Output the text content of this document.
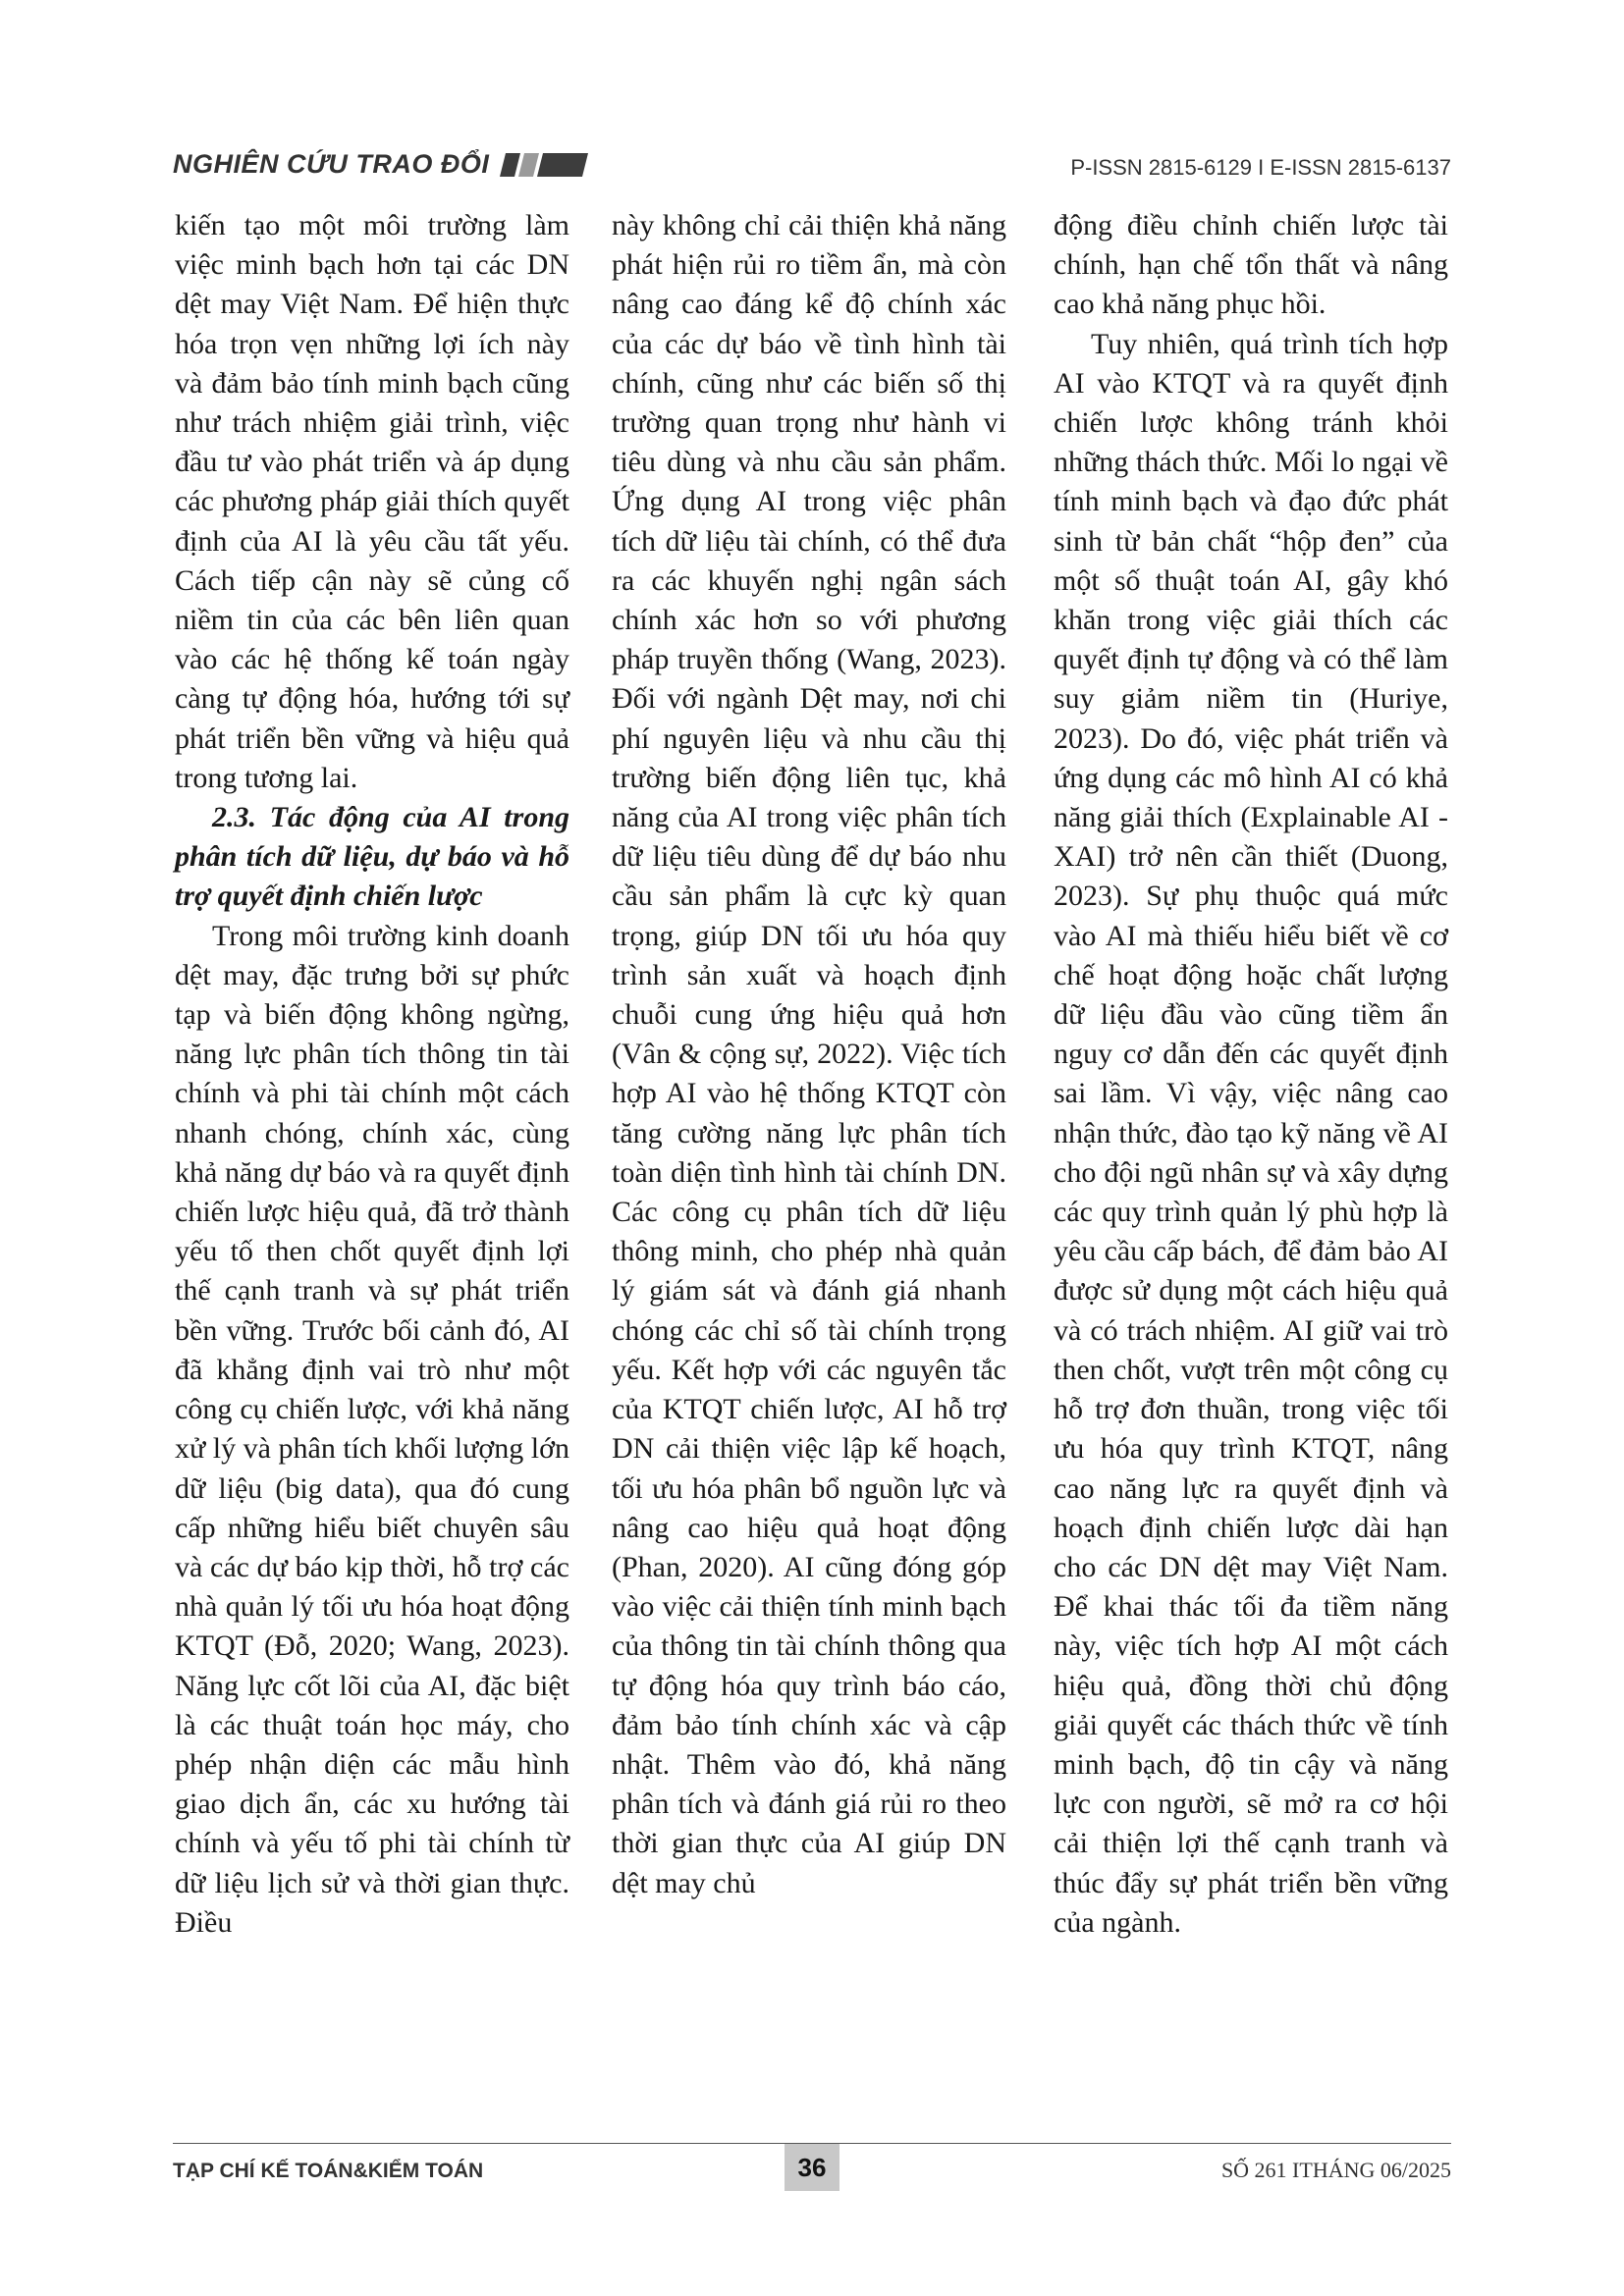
NGHIÊN CỨU TRAO ĐỔI	P-ISSN 2815-6129 I E-ISSN 2815-6137

kiến tạo một môi trường làm việc minh bạch hơn tại các DN dệt may Việt Nam. Để hiện thực hóa trọn vẹn những lợi ích này và đảm bảo tính minh bạch cũng như trách nhiệm giải trình, việc đầu tư vào phát triển và áp dụng các phương pháp giải thích quyết định của AI là yêu cầu tất yếu. Cách tiếp cận này sẽ củng cố niềm tin của các bên liên quan vào các hệ thống kế toán ngày càng tự động hóa, hướng tới sự phát triển bền vững và hiệu quả trong tương lai.

2.3. Tác động của AI trong phân tích dữ liệu, dự báo và hỗ trợ quyết định chiến lược

Trong môi trường kinh doanh dệt may, đặc trưng bởi sự phức tạp và biến động không ngừng, năng lực phân tích thông tin tài chính và phi tài chính một cách nhanh chóng, chính xác, cùng khả năng dự báo và ra quyết định chiến lược hiệu quả, đã trở thành yếu tố then chốt quyết định lợi thế cạnh tranh và sự phát triển bền vững. Trước bối cảnh đó, AI đã khẳng định vai trò như một công cụ chiến lược, với khả năng xử lý và phân tích khối lượng lớn dữ liệu (big data), qua đó cung cấp những hiểu biết chuyên sâu và các dự báo kịp thời, hỗ trợ các nhà quản lý tối ưu hóa hoạt động KTQT (Đỗ, 2020; Wang, 2023). Năng lực cốt lõi của AI, đặc biệt là các thuật toán học máy, cho phép nhận diện các mẫu hình giao dịch ẩn, các xu hướng tài chính và yếu tố phi tài chính từ dữ liệu lịch sử và thời gian thực. Điều

này không chỉ cải thiện khả năng phát hiện rủi ro tiềm ẩn, mà còn nâng cao đáng kể độ chính xác của các dự báo về tình hình tài chính, cũng như các biến số thị trường quan trọng như hành vi tiêu dùng và nhu cầu sản phẩm. Ứng dụng AI trong việc phân tích dữ liệu tài chính, có thể đưa ra các khuyến nghị ngân sách chính xác hơn so với phương pháp truyền thống (Wang, 2023). Đối với ngành Dệt may, nơi chi phí nguyên liệu và nhu cầu thị trường biến động liên tục, khả năng của AI trong việc phân tích dữ liệu tiêu dùng để dự báo nhu cầu sản phẩm là cực kỳ quan trọng, giúp DN tối ưu hóa quy trình sản xuất và hoạch định chuỗi cung ứng hiệu quả hơn (Vân & cộng sự, 2022). Việc tích hợp AI vào hệ thống KTQT còn tăng cường năng lực phân tích toàn diện tình hình tài chính DN. Các công cụ phân tích dữ liệu thông minh, cho phép nhà quản lý giám sát và đánh giá nhanh chóng các chỉ số tài chính trọng yếu. Kết hợp với các nguyên tắc của KTQT chiến lược, AI hỗ trợ DN cải thiện việc lập kế hoạch, tối ưu hóa phân bổ nguồn lực và nâng cao hiệu quả hoạt động (Phan, 2020). AI cũng đóng góp vào việc cải thiện tính minh bạch của thông tin tài chính thông qua tự động hóa quy trình báo cáo, đảm bảo tính chính xác và cập nhật. Thêm vào đó, khả năng phân tích và đánh giá rủi ro theo thời gian thực của AI giúp DN dệt may chủ

động điều chỉnh chiến lược tài chính, hạn chế tổn thất và nâng cao khả năng phục hồi.

Tuy nhiên, quá trình tích hợp AI vào KTQT và ra quyết định chiến lược không tránh khỏi những thách thức. Mối lo ngại về tính minh bạch và đạo đức phát sinh từ bản chất “hộp đen” của một số thuật toán AI, gây khó khăn trong việc giải thích các quyết định tự động và có thể làm suy giảm niềm tin (Huriye, 2023). Do đó, việc phát triển và ứng dụng các mô hình AI có khả năng giải thích (Explainable AI - XAI) trở nên cần thiết (Duong, 2023). Sự phụ thuộc quá mức vào AI mà thiếu hiểu biết về cơ chế hoạt động hoặc chất lượng dữ liệu đầu vào cũng tiềm ẩn nguy cơ dẫn đến các quyết định sai lầm. Vì vậy, việc nâng cao nhận thức, đào tạo kỹ năng về AI cho đội ngũ nhân sự và xây dựng các quy trình quản lý phù hợp là yêu cầu cấp bách, để đảm bảo AI được sử dụng một cách hiệu quả và có trách nhiệm. AI giữ vai trò then chốt, vượt trên một công cụ hỗ trợ đơn thuần, trong việc tối ưu hóa quy trình KTQT, nâng cao năng lực ra quyết định và hoạch định chiến lược dài hạn cho các DN dệt may Việt Nam. Để khai thác tối đa tiềm năng này, việc tích hợp AI một cách hiệu quả, đồng thời chủ động giải quyết các thách thức về tính minh bạch, độ tin cậy và năng lực con người, sẽ mở ra cơ hội cải thiện lợi thế cạnh tranh và thúc đẩy sự phát triển bền vững của ngành.

TẠP CHÍ KẾ TOÁN&KIỂM TOÁN	36	SỐ 261 ITHÁNG 06/2025
